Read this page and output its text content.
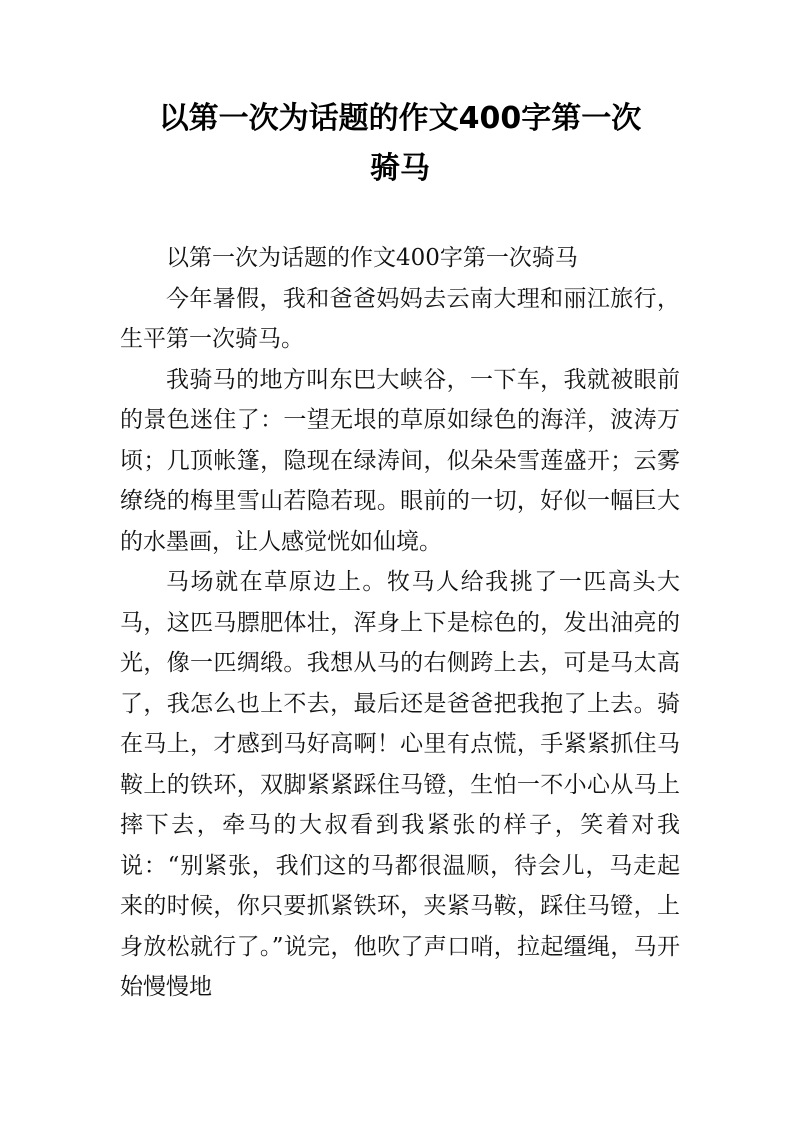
以第一次为话题的作文400字第一次
骑马

以第一次为话题的作文400字第一次骑马

今年暑假，我和爸爸妈妈去云南大理和丽江旅行，生平第一次骑马。

我骑马的地方叫东巴大峡谷，一下车，我就被眼前的景色迷住了：一望无垠的草原如绿色的海洋，波涛万顷；几顶帐篷，隐现在绿涛间，似朵朵雪莲盛开；云雾缭绕的梅里雪山若隐若现。眼前的一切，好似一幅巨大的水墨画，让人感觉恍如仙境。

马场就在草原边上。牧马人给我挑了一匹高头大马，这匹马膘肥体壮，浑身上下是棕色的，发出油亮的光，像一匹绸缎。我想从马的右侧跨上去，可是马太高了，我怎么也上不去，最后还是爸爸把我抱了上去。骑在马上，才感到马好高啊！心里有点慌，手紧紧抓住马鞍上的铁环，双脚紧紧踩住马镫，生怕一不小心从马上摔下去，牵马的大叔看到我紧张的样子，笑着对我说：“别紧张，我们这的马都很温顺，待会儿，马走起来的时候，你只要抓紧铁环，夹紧马鞍，踩住马镫，上身放松就行了。”说完，他吹了声口哨，拉起缰绳，马开始慢慢地
